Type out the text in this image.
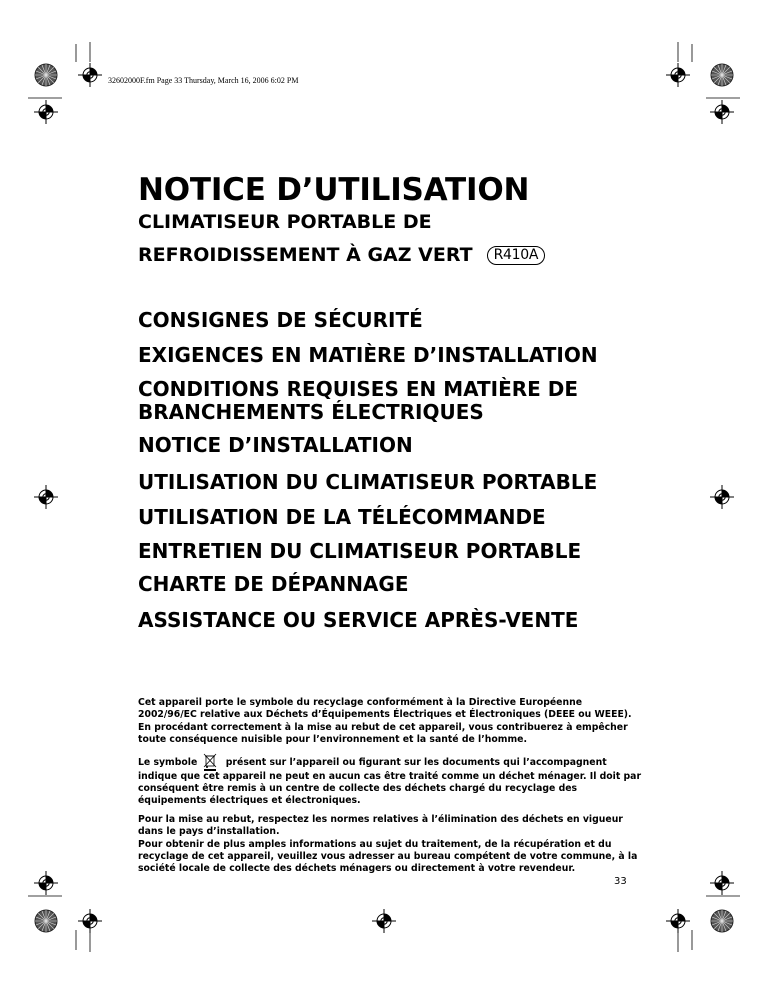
32602000F.fm Page 33 Thursday, March 16, 2006 6:02 PM
NOTICE D’UTILISATION
CLIMATISEUR PORTABLE DE
REFROIDISSEMENT À GAZ VERT	R410A
CONSIGNES DE SÉCURITÉ
EXIGENCES EN MATIÈRE D’INSTALLATION
CONDITIONS REQUISES EN MATIÈRE DE
BRANCHEMENTS ÉLECTRIQUES
NOTICE D’INSTALLATION
UTILISATION DU CLIMATISEUR PORTABLE
UTILISATION DE LA TÉLÉCOMMANDE
ENTRETIEN DU CLIMATISEUR PORTABLE
CHARTE DE DÉPANNAGE
ASSISTANCE OU SERVICE APRÈS-VENTE

Cet appareil porte le symbole du recyclage conformément à la Directive Européenne 2002/96/EC relative aux Déchets d’Équipements Électriques et Électroniques (DEEE ou WEEE).

En procédant correctement à la mise au rebut de cet appareil, vous contribuerez à empêcher toute conséquence nuisible pour l’environnement et la santé de l’homme.

Le symbole	présent sur l’appareil ou figurant sur les documents qui l’accompagnent indique que cet appareil ne peut en aucun cas être traité comme un déchet ménager. Il doit par conséquent être remis à un centre de collecte des déchets chargé du recyclage des équipements électriques et électroniques.

Pour la mise au rebut, respectez les normes relatives à l’élimination des déchets en vigueur dans le pays d’installation.

Pour obtenir de plus amples informations au sujet du traitement, de la récupération et du recyclage de cet appareil, veuillez vous adresser au bureau compétent de votre commune, à la société locale de collecte des déchets ménagers ou directement à votre revendeur.

33
